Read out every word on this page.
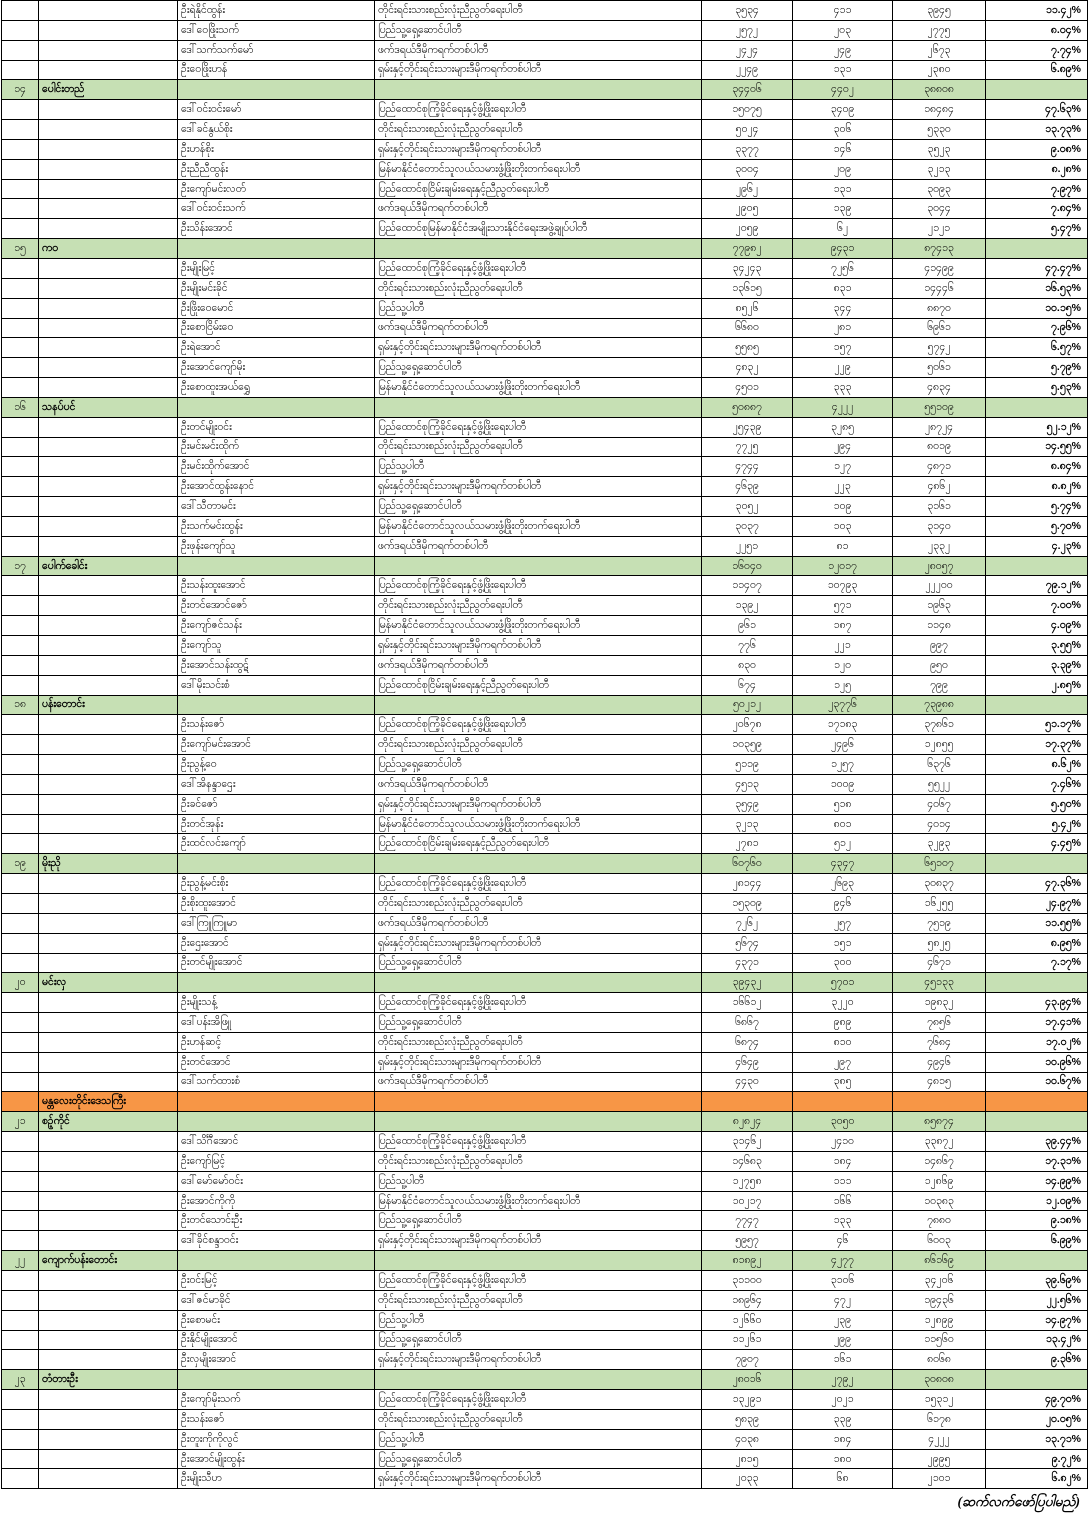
		ဦးရဲနိုင်ထွန်း	တိုင်းရင်းသားစည်းလုံးညီညွတ်ရေးပါတီ	၃၅၃၄	၄၁၁	၃၉၄၅	၁၁.၄၂%
		ဒေါ်ဝေဖြိုးသက်	ပြည်သူ့ရှေ့ဆောင်ပါတီ	၂၅၇၂	၂၀၃	၂၇၇၅	၈.၀၄%
		ဒေါ်သက်သက်မော်	ဖက်ဒရယ်ဒီမိုကရက်တစ်ပါတီ	၂၄၂၄	၂၄၉	၂၆၇၃	၇.၇၄%
		ဦးဝေဖြိုးဟန်	ရှမ်းနှင့်တိုင်းရင်းသားများဒီမိုကရက်တစ်ပါတီ	၂၂၄၉	၁၃၁	၂၃၈၀	၆.၈၉%
၁၄	ပေါင်းတည်			၃၄၄၀၆	၄၄၀၂	၃၈၈၀၈	
		ဒေါ်ဝင်းဝင်းမော်	ပြည်ထောင်စုကြံ့ခိုင်ရေးနှင့်ဖွံ့ဖြိုးရေးပါတီ	၁၅၀၇၅	၃၄၀၉	၁၈၄၈၄	၄၇.၆၃%
		ဒေါ်ခင်နွယ်စိုး	တိုင်းရင်းသားစည်းလုံးညီညွတ်ရေးပါတီ	၅၀၂၄	၃၀၆	၅၃၃၀	၁၃.၇၃%
		ဦးဟန်စိုး	ရှမ်းနှင့်တိုင်းရင်းသားများဒီမိုကရက်တစ်ပါတီ	၃၃၇၇	၁၄၆	၃၅၂၃	၉.၀၈%
		ဦးညီညီထွန်း	မြန်မာနိုင်ငံတောင်သူလယ်သမားဖွံ့ဖြိုးတိုးတက်ရေးပါတီ	၃၀၀၄	၂၀၉	၃၂၁၃	၈.၂၈%
		ဦးကျော်မင်းလတ်	ပြည်ထောင်စုငြိမ်းချမ်းရေးနှင့်ညီညွတ်ရေးပါတီ	၂၉၆၂	၁၃၁	၃၀၉၃	၇.၉၇%
		ဒေါ်ဝင်းဝင်းသက်	ဖက်ဒရယ်ဒီမိုကရက်တစ်ပါတီ	၂၉၀၅	၁၃၉	၃၀၄၄	၇.၈၄%
		ဦးသိန်းအောင်	ပြည်ထောင်စုမြန်မာနိုင်ငံအမျိုးသားနိုင်ငံရေးအဖွဲ့ချုပ်ပါတီ	၂၀၅၉	၆၂	၂၁၂၁	၅.၄၇%
၁၅	ကဝ			၇၇၉၈၂	၉၄၃၁	၈၇၄၁၃	
		ဦးမျိုးမြင့်	ပြည်ထောင်စုကြံ့ခိုင်ရေးနှင့်ဖွံ့ဖြိုးရေးပါတီ	၃၄၂၄၃	၇၂၅၆	၄၁၄၉၉	၄၇.၄၇%
		ဦးမျိုးမင်းခိုင်	တိုင်းရင်းသားစည်းလုံးညီညွတ်ရေးပါတီ	၁၃၆၁၅	၈၃၁	၁၄၄၄၆	၁၆.၅၃%
		ဦးဖြိုးဝေမောင်	ပြည်သူ့ပါတီ	၈၅၂၆	၃၄၄	၈၈၇၀	၁၀.၁၅%
		ဦးစောငြိမ်းဝေ	ဖက်ဒရယ်ဒီမိုကရက်တစ်ပါတီ	၆၆၈၀	၂၈၁	၆၉၆၁	၇.၉၆%
		ဦးရဲအောင်	ရှမ်းနှင့်တိုင်းရင်းသားများဒီမိုကရက်တစ်ပါတီ	၅၅၈၅	၁၅၇	၅၇၄၂	၆.၅၇%
		ဦးအောင်ကျော်မိုး	ပြည်သူ့ရှေ့ဆောင်ပါတီ	၄၈၃၂	၂၂၉	၅၀၆၁	၅.၇၉%
		ဦးစောထူးအယ်ရွှေ	မြန်မာနိုင်ငံတောင်သူလယ်သမားဖွံ့ဖြိုးတိုးတက်ရေးပါတီ	၄၅၀၁	၃၃၃	၄၈၃၄	၅.၅၃%
၁၆	သနပ်ပင်			၅၀၈၈၇	၄၂၂၂	၅၅၁၀၉	
		ဦးတင်မျိုးဝင်း	ပြည်ထောင်စုကြံ့ခိုင်ရေးနှင့်ဖွံ့ဖြိုးရေးပါတီ	၂၅၄၃၉	၃၂၈၅	၂၈၇၂၄	၅၂.၁၂%
		ဦးမင်းမင်းထိုက်	တိုင်းရင်းသားစည်းလုံးညီညွတ်ရေးပါတီ	၇၇၂၅	၂၉၄	၈၀၁၉	၁၄.၅၅%
		ဦးမင်းထိုက်အောင်	ပြည်သူ့ပါတီ	၄၇၄၄	၁၂၇	၄၈၇၁	၈.၈၄%
		ဦးအောင်ထွန်းနောင်	ရှမ်းနှင့်တိုင်းရင်းသားများဒီမိုကရက်တစ်ပါတီ	၄၆၃၉	၂၂၃	၄၈၆၂	၈.၈၂%
		ဒေါ်သီတာမင်း	ပြည်သူ့ရှေ့ဆောင်ပါတီ	၃၀၅၂	၁၀၉	၃၁၆၁	၅.၇၄%
		ဦးသက်မင်းထွန်း	မြန်မာနိုင်ငံတောင်သူလယ်သမားဖွံ့ဖြိုးတိုးတက်ရေးပါတီ	၃၀၃၇	၁၀၃	၃၁၄၀	၅.၇၀%
		ဦးဖုန်းကျော်သူ	ဖက်ဒရယ်ဒီမိုကရက်တစ်ပါတီ	၂၂၅၁	၈၁	၂၃၃၂	၄.၂၃%
၁၇	ပေါက်ခေါင်း			၁၆၀၄၀	၁၂၀၁၇	၂၈၀၅၇	
		ဦးသန်းထူးအောင်	ပြည်ထောင်စုကြံ့ခိုင်ရေးနှင့်ဖွံ့ဖြိုးရေးပါတီ	၁၁၄၀၇	၁၀၇၉၃	၂၂၂၀၀	၇၉.၁၂%
		ဦးတင်အောင်ဇော်	တိုင်းရင်းသားစည်းလုံးညီညွတ်ရေးပါတီ	၁၃၉၂	၅၇၁	၁၉၆၃	၇.၀၀%
		ဦးကျော်ဇင်သန်း	မြန်မာနိုင်ငံတောင်သူလယ်သမားဖွံ့ဖြိုးတိုးတက်ရေးပါတီ	၉၆၁	၁၈၇	၁၁၄၈	၄.၀၉%
		ဦးကျော်သူ	ရှမ်းနှင့်တိုင်းရင်းသားများဒီမိုကရက်တစ်ပါတီ	၇၇၆	၂၂၁	၉၉၇	၃.၅၅%
		ဦးအောင်သန်းထွဋ်	ဖက်ဒရယ်ဒီမိုကရက်တစ်ပါတီ	၈၃၀	၁၂၀	၉၅၀	၃.၃၉%
		ဒေါ်မိုးသင်းစံ	ပြည်ထောင်စုငြိမ်းချမ်းရေးနှင့်ညီညွတ်ရေးပါတီ	၆၇၄	၁၂၅	၇၉၉	၂.၈၅%
၁၈	ပန်းတောင်း			၅၀၂၁၂	၂၃၇၇၆	၇၃၉၈၈	
		ဦးသန်းဇော်	ပြည်ထောင်စုကြံ့ခိုင်ရေးနှင့်ဖွံ့ဖြိုးရေးပါတီ	၂၀၆၇၈	၁၇၁၈၃	၃၇၈၆၁	၅၁.၁၇%
		ဦးကျော်မင်းအောင်	တိုင်းရင်းသားစည်းလုံးညီညွတ်ရေးပါတီ	၁၀၃၅၉	၂၄၉၆	၁၂၈၅၅	၁၇.၃၇%
		ဦးညွန့်ဝေ	ပြည်သူ့ရှေ့ဆောင်ပါတီ	၅၁၁၉	၁၂၅၇	၆၃၇၆	၈.၆၂%
		ဒေါ်အိနန္ဒာဌေး	ဖက်ဒရယ်ဒီမိုကရက်တစ်ပါတီ	၄၅၁၃	၁၀၀၉	၅၅၂၂	၇.၄၆%
		ဦးခင်ဇော်	ရှမ်းနှင့်တိုင်းရင်းသားများဒီမိုကရက်တစ်ပါတီ	၃၅၄၉	၅၁၈	၄၀၆၇	၅.၅၀%
		ဦးတင်အုန်း	မြန်မာနိုင်ငံတောင်သူလယ်သမားဖွံ့ဖြိုးတိုးတက်ရေးပါတီ	၃၂၁၃	၈၀၁	၄၀၁၄	၅.၄၂%
		ဦးထင်လင်းကျော်	ပြည်ထောင်စုငြိမ်းချမ်းရေးနှင့်ညီညွတ်ရေးပါတီ	၂၇၈၁	၅၁၂	၃၂၉၃	၄.၄၅%
၁၉	မိုးညို			၆၀၇၆၀	၄၃၄၇	၆၅၁၀၇	
		ဦးညွန့်မင်းစိုး	ပြည်ထောင်စုကြံ့ခိုင်ရေးနှင့်ဖွံ့ဖြိုးရေးပါတီ	၂၈၁၄၄	၂၆၉၃	၃၀၈၃၇	၄၇.၃၆%
		ဦးစိုးထူးအောင်	တိုင်းရင်းသားစည်းလုံးညီညွတ်ရေးပါတီ	၁၅၃၀၉	၉၄၆	၁၆၂၅၅	၂၄.၉၇%
		ဒေါ်ကြူကြူမာ	ဖက်ဒရယ်ဒီမိုကရက်တစ်ပါတီ	၇၂၆၂	၂၅၇	၇၅၁၉	၁၁.၅၅%
		ဦးဌေးအောင်	ရှမ်းနှင့်တိုင်းရင်းသားများဒီမိုကရက်တစ်ပါတီ	၅၆၇၄	၁၅၁	၅၈၂၅	၈.၉၅%
		ဦးတင်မျိုးအောင်	ပြည်သူ့ရှေ့ဆောင်ပါတီ	၄၃၇၁	၃၀၀	၄၆၇၁	၇.၁၇%
၂၀	မင်းလှ			၃၉၄၃၂	၅၇၀၁	၄၅၁၃၃	
		ဦးမျိုးသန့်	ပြည်ထောင်စုကြံ့ခိုင်ရေးနှင့်ဖွံ့ဖြိုးရေးပါတီ	၁၆၆၁၂	၃၂၂၀	၁၉၈၃၂	၄၃.၉၄%
		ဒေါ်ပန်းအိဖြူ	ပြည်သူ့ရှေ့ဆောင်ပါတီ	၆၈၆၇	၉၈၉	၇၈၅၆	၁၇.၄၁%
		ဦးဟန်ဆင့်	တိုင်းရင်းသားစည်းလုံးညီညွတ်ရေးပါတီ	၆၈၇၄	၈၁၀	၇၆၈၄	၁၇.၀၂%
		ဦးတင်အောင်	ရှမ်းနှင့်တိုင်းရင်းသားများဒီမိုကရက်တစ်ပါတီ	၄၆၄၉	၂၉၇	၄၉၄၆	၁၀.၉၆%
		ဒေါ်သက်ထားစံ	ဖက်ဒရယ်ဒီမိုကရက်တစ်ပါတီ	၄၄၃၀	၃၈၅	၄၈၁၅	၁၀.၆၇%
	မန္တလေးတိုင်းဒေသကြီး						
၂၁	စဉ့်ကိုင်			၈၂၈၂၄	၃၀၅၀	၈၅၈၇၄	
		ဒေါ်သိင်္ဂီအောင်	ပြည်ထောင်စုကြံ့ခိုင်ရေးနှင့်ဖွံ့ဖြိုးရေးပါတီ	၃၁၄၆၂	၂၄၁၀	၃၃၈၇၂	၃၉.၄၄%
		ဦးကျော်မြင့်	တိုင်းရင်းသားစည်းလုံးညီညွတ်ရေးပါတီ	၁၄၆၈၃	၁၈၄	၁၄၈၆၇	၁၇.၃၁%
		ဒေါ်မော်မော်ဝင်း	ပြည်သူ့ပါတီ	၁၂၇၅၈	၁၁၁	၁၂၈၆၉	၁၄.၉၉%
		ဦးအောင်ကိုကို	မြန်မာနိုင်ငံတောင်သူလယ်သမားဖွံ့ဖြိုးတိုးတက်ရေးပါတီ	၁၀၂၁၇	၁၆၆	၁၀၃၈၃	၁၂.၀၉%
		ဦးတင်သောင်းဦး	ပြည်သူ့ရှေ့ဆောင်ပါတီ	၇၇၄၇	၁၃၃	၇၈၈၀	၉.၁၈%
		ဒေါ်ခိုင်စန္ဒာဝင်း	ရှမ်းနှင့်တိုင်းရင်းသားများဒီမိုကရက်တစ်ပါတီ	၅၉၅၇	၄၆	၆၀၀၃	၆.၉၉%
၂၂	ကျောက်ပန်းတောင်း			၈၁၈၉၂	၄၂၇၇	၈၆၁၆၉	
		ဦးဝင်းမြင့်	ပြည်ထောင်စုကြံ့ခိုင်ရေးနှင့်ဖွံ့ဖြိုးရေးပါတီ	၃၁၁၀၀	၃၁၀၆	၃၄၂၀၆	၃၉.၆၉%
		ဒေါ်ဇင်မာခိုင်	တိုင်းရင်းသားစည်းလုံးညီညွတ်ရေးပါတီ	၁၈၉၆၄	၄၇၂	၁၉၄၃၆	၂၂.၅၆%
		ဦးစောမင်း	ပြည်သူ့ပါတီ	၁၂၆၆၀	၂၃၉	၁၂၈၉၉	၁၄.၉၇%
		ဦးနိုင်မျိုးအောင်	ပြည်သူ့ရှေ့ဆောင်ပါတီ	၁၁၂၆၁	၂၉၉	၁၁၅၆၀	၁၃.၄၂%
		ဦးလှမျိုးအောင်	ရှမ်းနှင့်တိုင်းရင်းသားများဒီမိုကရက်တစ်ပါတီ	၇၉၀၇	၁၆၁	၈၀၆၈	၉.၃၆%
၂၃	တံတားဦး			၂၈၀၁၆	၂၇၉၂	၃၀၈၀၈	
		ဦးကျော်မိုးသက်	ပြည်ထောင်စုကြံ့ခိုင်ရေးနှင့်ဖွံ့ဖြိုးရေးပါတီ	၁၃၂၉၁	၂၀၂၁	၁၅၃၁၂	၄၉.၇၀%
		ဦးသန်းဇော်	တိုင်းရင်းသားစည်းလုံးညီညွတ်ရေးပါတီ	၅၈၃၉	၃၃၉	၆၁၇၈	၂၀.၀၅%
		ဦးတူးကိုကိုလွင်	ပြည်သူ့ပါတီ	၄၀၃၈	၁၈၄	၄၂၂၂	၁၃.၇၁%
		ဦးအောင်မျိုးထွန်း	ပြည်သူ့ရှေ့ဆောင်ပါတီ	၂၈၁၅	၁၈၀	၂၉၉၅	၉.၇၂%
		ဦးမျိုးသီဟ	ရှမ်းနှင့်တိုင်းရင်းသားများဒီမိုကရက်တစ်ပါတီ	၂၀၃၃	၆၈	၂၁၀၁	၆.၈၂%
(ဆက်လက်ဖော်ပြပါမည်)
